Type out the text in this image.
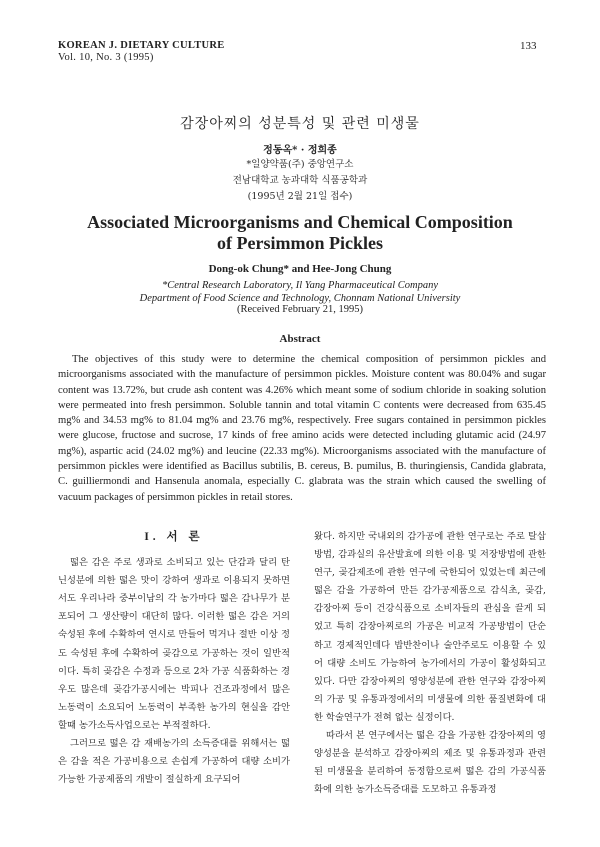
KOREAN J. DIETARY CULTURE
Vol. 10, No. 3 (1995)
133
감장아찌의 성분특성 및 관련 미생물
정동옥* · 정희종
*일양약품(주) 중앙연구소
전남대학교 농과대학 식품공학과
(1995년 2월 21일 접수)
Associated Microorganisms and Chemical Composition
of Persimmon Pickles
Dong-ok Chung* and Hee-Jong Chung
*Central Research Laboratory, Il Yang Pharmaceutical Company
Department of Food Science and Technology, Chonnam National University
(Received February 21, 1995)
Abstract
The objectives of this study were to determine the chemical composition of persimmon pickles and microorganisms associated with the manufacture of persimmon pickles. Moisture content was 80.04% and sugar content was 13.72%, but crude ash content was 4.26% which meant some of sodium chloride in soaking solution were permeated into fresh persimmon. Soluble tannin and total vitamin C contents were decreased from 635.45 mg% and 34.53 mg% to 81.04 mg% and 23.76 mg%, respectively. Free sugars contained in persimmon pickles were glucose, fructose and sucrose, 17 kinds of free amino acids were detected including glutamic acid (24.97 mg%), aspartic acid (24.02 mg%) and leucine (22.33 mg%). Microorganisms associated with the manufacture of persimmon pickles were identified as Bacillus subtilis, B. cereus, B. pumilus, B. thuringiensis, Candida glabrata, C. guilliermondi and Hansenula anomala, especially C. glabrata was the strain which caused the swelling of vacuum packages of persimmon pickles in retail stores.
I. 서 론

떫은 감은 주로 생과로 소비되고 있는 단감과 달리 탄닌성분에 의한 떫은 맛이 강하여 생과로 이용되지 못하면서도 우리나라 중부이남의 각 농가마다 떫은 감나무가 분포되어 그 생산량이 대단히 많다. 이러한 떫은 감은 거의 숙성된 후에 수확하여 연시로 만들어 먹거나 절반 이상 정도 숙성된 후에 수확하여 곶감으로 가공하는 것이 일반적이다. 특히 곶감은 수정과 등으로 2차 가공 식품화하는 경우도 많은데 곶감가공시에는 박피나 건조과정에서 많은 노동력이 소요되어 노동력이 부족한 농가의 현실을 감안할때 농가소득사업으로는 부적절하다.

그러므로 떫은 감 재배농가의 소득증대를 위해서는 떫은 감을 적은 가공비용으로 손쉽게 가공하여 대량 소비가 가능한 가공제품의 개발이 절실하게 요구되어

왔다. 하지만 국내외의 감가공에 관한 연구로는 주로 탈삽방법, 감과실의 유산발효에 의한 이용 및 저장방법에 관한 연구, 곶감제조에 관한 연구에 국한되어 있었는데 최근에 떫은 감을 가공하여 만든 감가공제품으로 감식초, 곶감, 감장아찌 등이 건강식품으로 소비자들의 관심을 끌게 되었고 특히 감장아찌로의 가공은 비교적 가공방법이 단순하고 경제적인데다 밥반찬이나 술안주로도 이용할 수 있어 대량 소비도 가능하여 농가에서의 가공이 활성화되고 있다. 다만 감장아찌의 영양성분에 관한 연구와 감장아찌의 가공 및 유통과정에서의 미생물에 의한 품질변화에 대한 학술연구가 전혀 없는 실정이다.

따라서 본 연구에서는 떫은 감을 가공한 감장아찌의 영양성분을 분석하고 감장아찌의 제조 및 유통과정과 관련된 미생물을 분리하여 동정함으로써 떫은 감의 가공식품화에 의한 농가소득증대를 도모하고 유통과정
